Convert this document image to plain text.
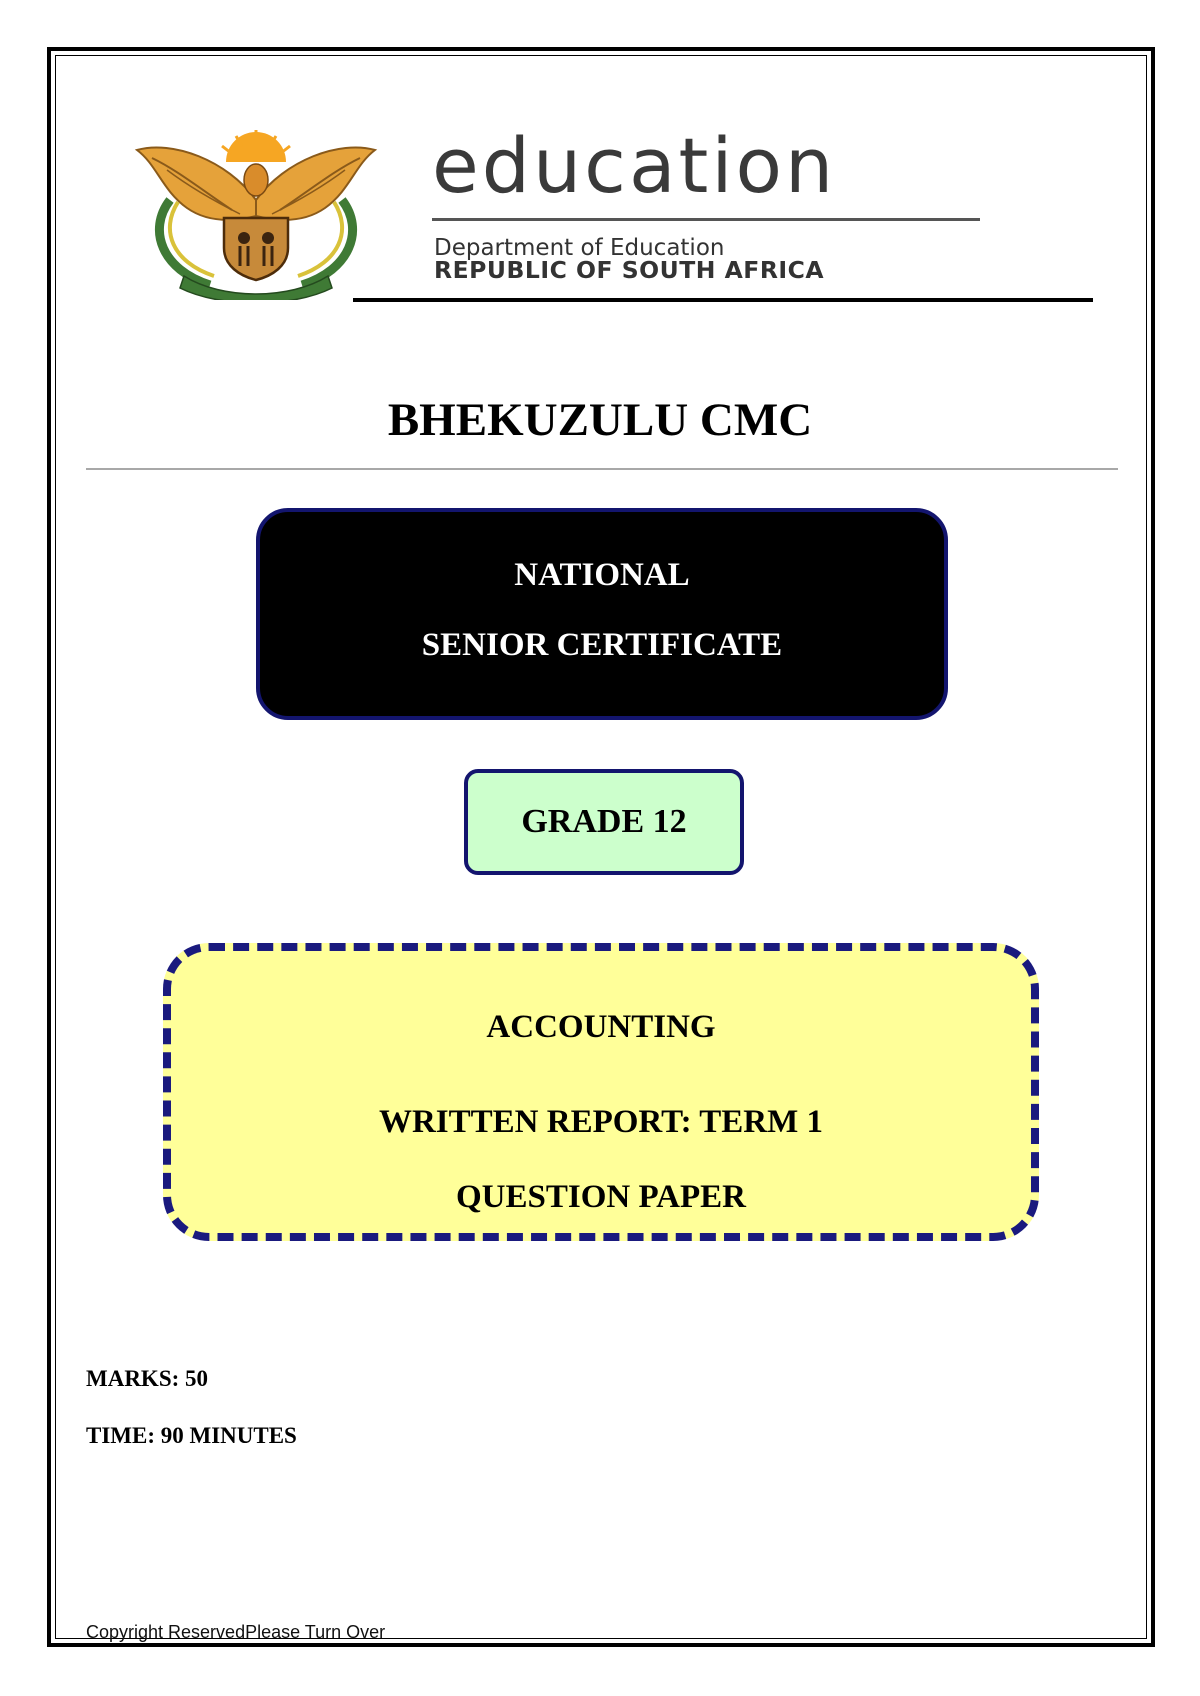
education
Department of Education
REPUBLIC OF SOUTH AFRICA
BHEKUZULU CMC
NATIONAL
SENIOR CERTIFICATE
GRADE 12
ACCOUNTING
WRITTEN REPORT: TERM 1
QUESTION PAPER
MARKS: 50
TIME: 90 MINUTES
Copyright ReservedPlease Turn Over
